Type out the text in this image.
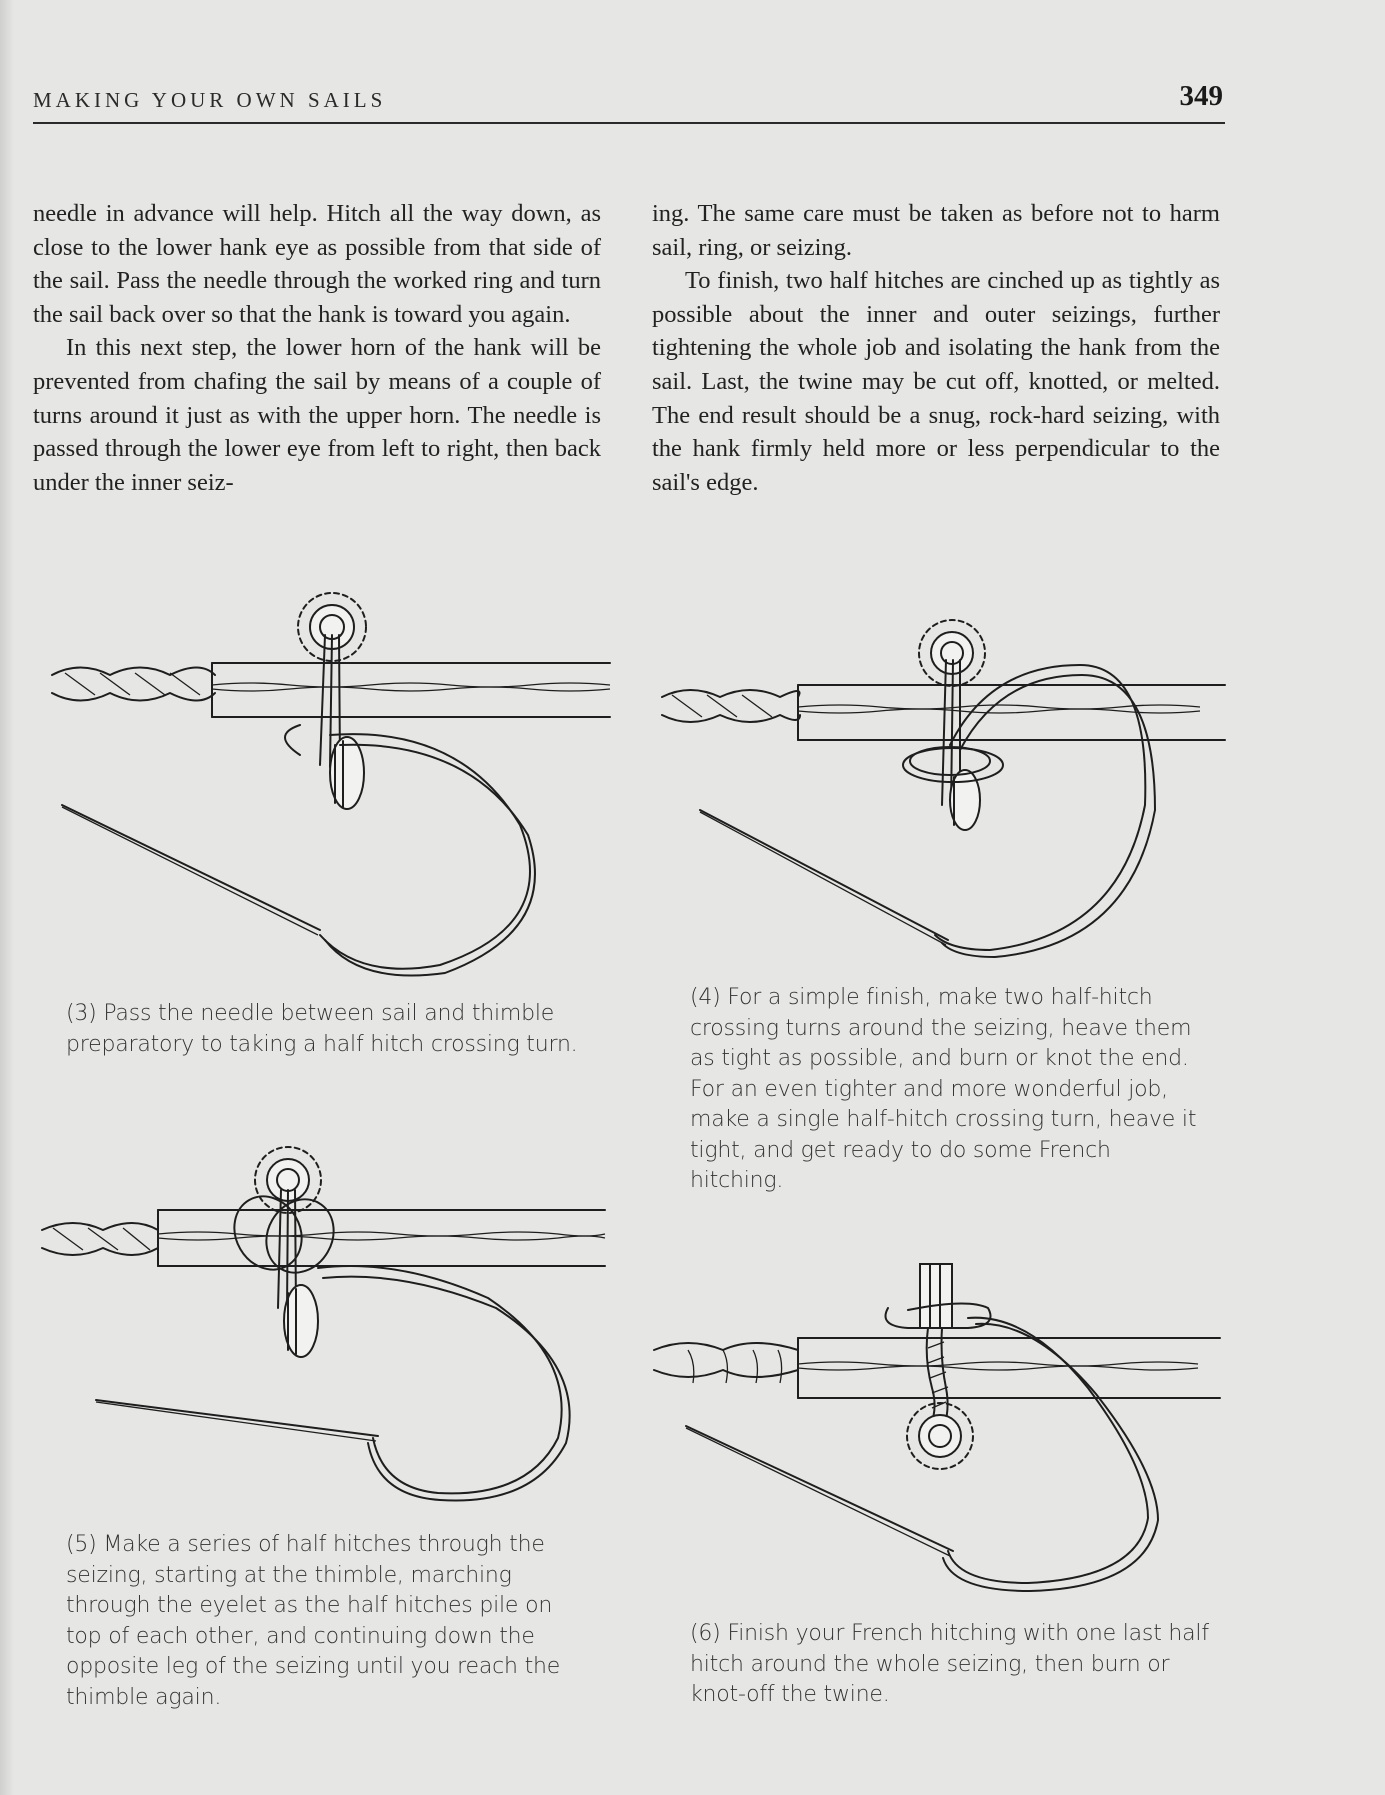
MAKING YOUR OWN SAILS	349

needle in advance will help. Hitch all the way down, as close to the lower hank eye as possible from that side of the sail. Pass the needle through the worked ring and turn the sail back over so that the hank is toward you again.

In this next step, the lower horn of the hank will be prevented from chafing the sail by means of a couple of turns around it just as with the upper horn. The needle is passed through the lower eye from left to right, then back under the inner seiz-

ing. The same care must be taken as before not to harm sail, ring, or seizing.

To finish, two half hitches are cinched up as tightly as possible about the inner and outer seizings, further tightening the whole job and isolating the hank from the sail. Last, the twine may be cut off, knotted, or melted. The end result should be a snug, rock-hard seizing, with the hank firmly held more or less perpendicular to the sail's edge.

(3) Pass the needle between sail and thimble preparatory to taking a half hitch crossing turn.
(4) For a simple finish, make two half-hitch crossing turns around the seizing, heave them as tight as possible, and burn or knot the end. For an even tighter and more wonderful job, make a single half-hitch crossing turn, heave it tight, and get ready to do some French hitching.
(5) Make a series of half hitches through the seizing, starting at the thimble, marching through the eyelet as the half hitches pile on top of each other, and continuing down the opposite leg of the seizing until you reach the thimble again.
(6) Finish your French hitching with one last half hitch around the whole seizing, then burn or knot-off the twine.
